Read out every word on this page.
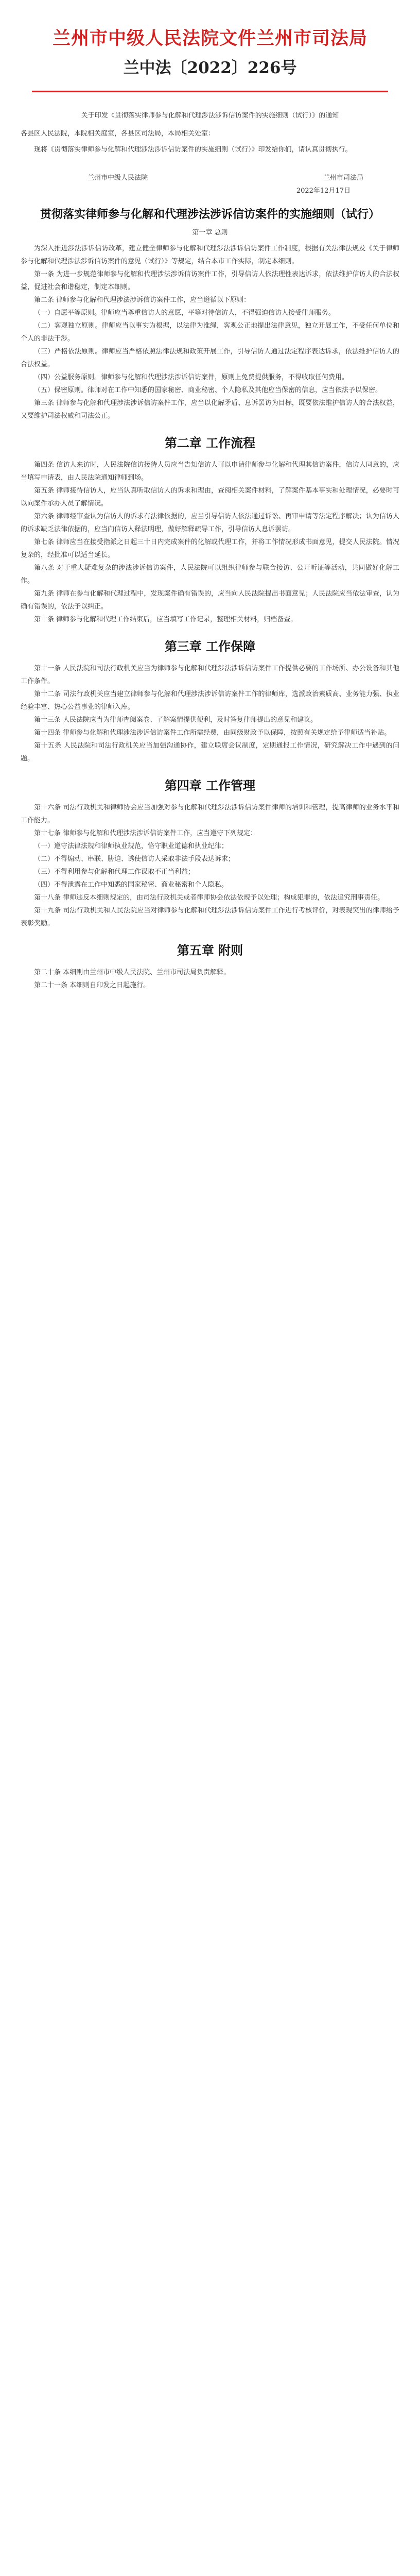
兰州市中级人民法院文件兰州市司法局
兰中法〔2022〕226号

关于印发《贯彻落实律师参与化解和代理涉法涉诉信访案件的实施细则（试行）》的通知

各县区人民法院，本院相关庭室，各县区司法局，本局相关处室：

现将《贯彻落实律师参与化解和代理涉法涉诉信访案件的实施细则（试行）》印发给你们，请认真贯彻执行。

兰州市中级人民法院	兰州市司法局
2022年12月17日
贯彻落实律师参与化解和代理涉法涉诉信访案件的实施细则（试行）
第一章 总则

为深入推进涉法涉诉信访改革，建立健全律师参与化解和代理涉法涉诉信访案件工作制度，根据有关法律法规及《关于律师参与化解和代理涉法涉诉信访案件的意见（试行）》等规定，结合本市工作实际，制定本细则。

第一条 为进一步规范律师参与化解和代理涉法涉诉信访案件工作，引导信访人依法理性表达诉求，依法维护信访人的合法权益，促进社会和谐稳定，制定本细则。

第二条 律师参与化解和代理涉法涉诉信访案件工作，应当遵循以下原则：

（一）自愿平等原则。律师应当尊重信访人的意愿，平等对待信访人，不得强迫信访人接受律师服务。

（二）客观独立原则。律师应当以事实为根据，以法律为准绳，客观公正地提出法律意见，独立开展工作，不受任何单位和个人的非法干涉。

（三）严格依法原则。律师应当严格依照法律法规和政策开展工作，引导信访人通过法定程序表达诉求，依法维护信访人的合法权益。

（四）公益服务原则。律师参与化解和代理涉法涉诉信访案件，原则上免费提供服务，不得收取任何费用。

（五）保密原则。律师对在工作中知悉的国家秘密、商业秘密、个人隐私及其他应当保密的信息，应当依法予以保密。

第三条 律师参与化解和代理涉法涉诉信访案件工作，应当以化解矛盾、息诉罢访为目标，既要依法维护信访人的合法权益，又要维护司法权威和司法公正。

第二章 工作流程

第四条 信访人来访时，人民法院信访接待人员应当告知信访人可以申请律师参与化解和代理其信访案件，信访人同意的，应当填写申请表，由人民法院通知律师到场。

第五条 律师接待信访人，应当认真听取信访人的诉求和理由，查阅相关案件材料，了解案件基本事实和处理情况，必要时可以向案件承办人员了解情况。

第六条 律师经审查认为信访人的诉求有法律依据的，应当引导信访人依法通过诉讼、再审申请等法定程序解决；认为信访人的诉求缺乏法律依据的，应当向信访人释法明理，做好解释疏导工作，引导信访人息诉罢访。

第七条 律师应当在接受指派之日起三十日内完成案件的化解或代理工作，并将工作情况形成书面意见，提交人民法院。情况复杂的，经批准可以适当延长。

第八条 对于重大疑难复杂的涉法涉诉信访案件，人民法院可以组织律师参与联合接访、公开听证等活动，共同做好化解工作。

第九条 律师在参与化解和代理过程中，发现案件确有错误的，应当向人民法院提出书面意见；人民法院应当依法审查，认为确有错误的，依法予以纠正。

第十条 律师参与化解和代理工作结束后，应当填写工作记录，整理相关材料，归档备查。

第三章 工作保障

第十一条 人民法院和司法行政机关应当为律师参与化解和代理涉法涉诉信访案件工作提供必要的工作场所、办公设备和其他工作条件。

第十二条 司法行政机关应当建立律师参与化解和代理涉法涉诉信访案件工作的律师库，选派政治素质高、业务能力强、执业经验丰富、热心公益事业的律师入库。

第十三条 人民法院应当为律师查阅案卷、了解案情提供便利，及时答复律师提出的意见和建议。

第十四条 律师参与化解和代理涉法涉诉信访案件工作所需经费，由同级财政予以保障，按照有关规定给予律师适当补贴。

第十五条 人民法院和司法行政机关应当加强沟通协作，建立联席会议制度，定期通报工作情况，研究解决工作中遇到的问题。

第四章 工作管理

第十六条 司法行政机关和律师协会应当加强对参与化解和代理涉法涉诉信访案件律师的培训和管理，提高律师的业务水平和工作能力。

第十七条 律师参与化解和代理涉法涉诉信访案件工作，应当遵守下列规定：

（一）遵守法律法规和律师执业规范，恪守职业道德和执业纪律；

（二）不得煽动、串联、胁迫、诱使信访人采取非法手段表达诉求；

（三）不得利用参与化解和代理工作谋取不正当利益；

（四）不得泄露在工作中知悉的国家秘密、商业秘密和个人隐私。

第十八条 律师违反本细则规定的，由司法行政机关或者律师协会依法依规予以处理；构成犯罪的，依法追究刑事责任。

第十九条 司法行政机关和人民法院应当对律师参与化解和代理涉法涉诉信访案件工作进行考核评价，对表现突出的律师给予表彰奖励。

第五章 附则

第二十条 本细则由兰州市中级人民法院、兰州市司法局负责解释。

第二十一条 本细则自印发之日起施行。
